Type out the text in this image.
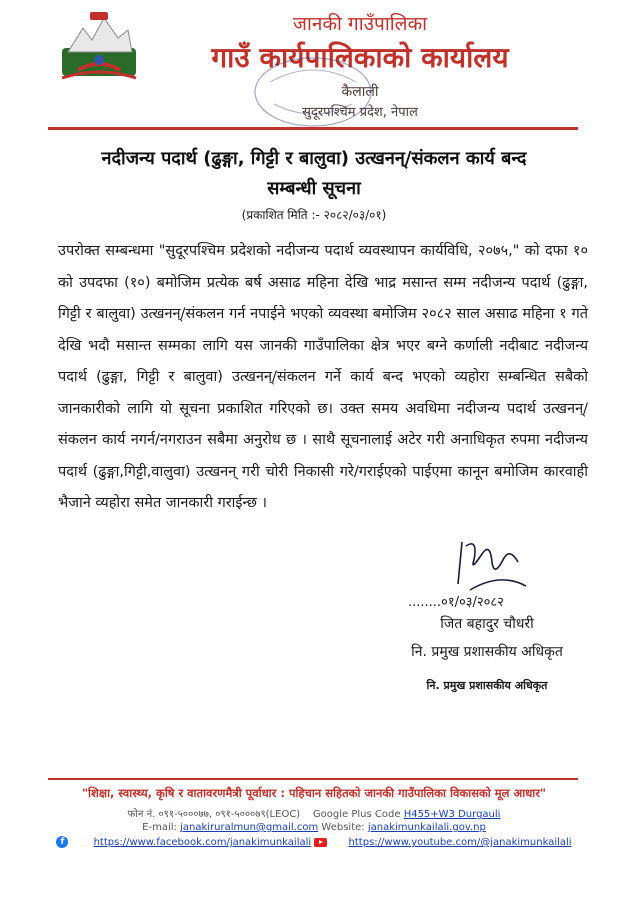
जानकी गाउँपालिका
गाउँ कार्यपालिकाको कार्यालय
कैलाली
सुदूरपश्चिम प्रदेश, नेपाल
नदीजन्य पदार्थ (ढुङ्गा, गिट्टी र बालुवा) उत्खनन्/संकलन कार्य बन्द
सम्बन्धी सूचना
(प्रकाशित मिति :- २०८२/०३/०१)

उपरोक्त सम्बन्धमा "सुदूरपश्चिम प्रदेशको नदीजन्य पदार्थ व्यवस्थापन कार्यविधि, २०७५," को दफा १० को उपदफा (१०) बमोजिम प्रत्येक बर्ष असाढ महिना देखि भाद्र मसान्त सम्म नदीजन्य पदार्थ (ढुङ्गा, गिट्टी र बालुवा) उत्खनन्/संकलन गर्न नपाईने भएको व्यवस्था बमोजिम २०८२ साल असाढ महिना १ गते देखि भदौ मसान्त सम्मका लागि यस जानकी गाउँपालिका क्षेत्र भएर बग्ने कर्णाली नदीबाट नदीजन्य पदार्थ (ढुङ्गा, गिट्टी र बालुवा) उत्खनन्/संकलन गर्ने कार्य बन्द भएको व्यहोरा सम्बन्धित सबैको जानकारीको लागि यो सूचना प्रकाशित गरिएको छ। उक्त समय अवधिमा नदीजन्य पदार्थ उत्खनन्/संकलन कार्य नगर्न/नगराउन सबैमा अनुरोध छ । साथै सूचनालाई अटेर गरी अनाधिकृत रुपमा नदीजन्य पदार्थ (ढुङ्गा,गिट्टी,वालुवा) उत्खनन् गरी चोरी निकासी गरे/गराईएको पाईएमा कानून बमोजिम कारवाही भैजाने व्यहोरा समेत जानकारी गराईन्छ ।

........०१/०३/२०८२
जित बहादुर चौधरी
नि. प्रमुख प्रशासकीय अधिकृत
नि. प्रमुख प्रशासकीय अधिकृत
"शिक्षा, स्वास्थ्य, कृषि र वातावरणमैत्री पूर्वाधार : पहिचान सहितको जानकी गाउँपालिका विकासको मूल आधार"
फोन नं. ०९१-५०००७७, ०९१-५०००७९(LEOC) Google Plus Code H455+W3 Durgauli
E-mail: janakiruralmun@gmail.com Website: janakimunkailali.gov.np
f	https://www.facebook.com/janakimunkailali	https://www.youtube.com/@janakimunkailali
